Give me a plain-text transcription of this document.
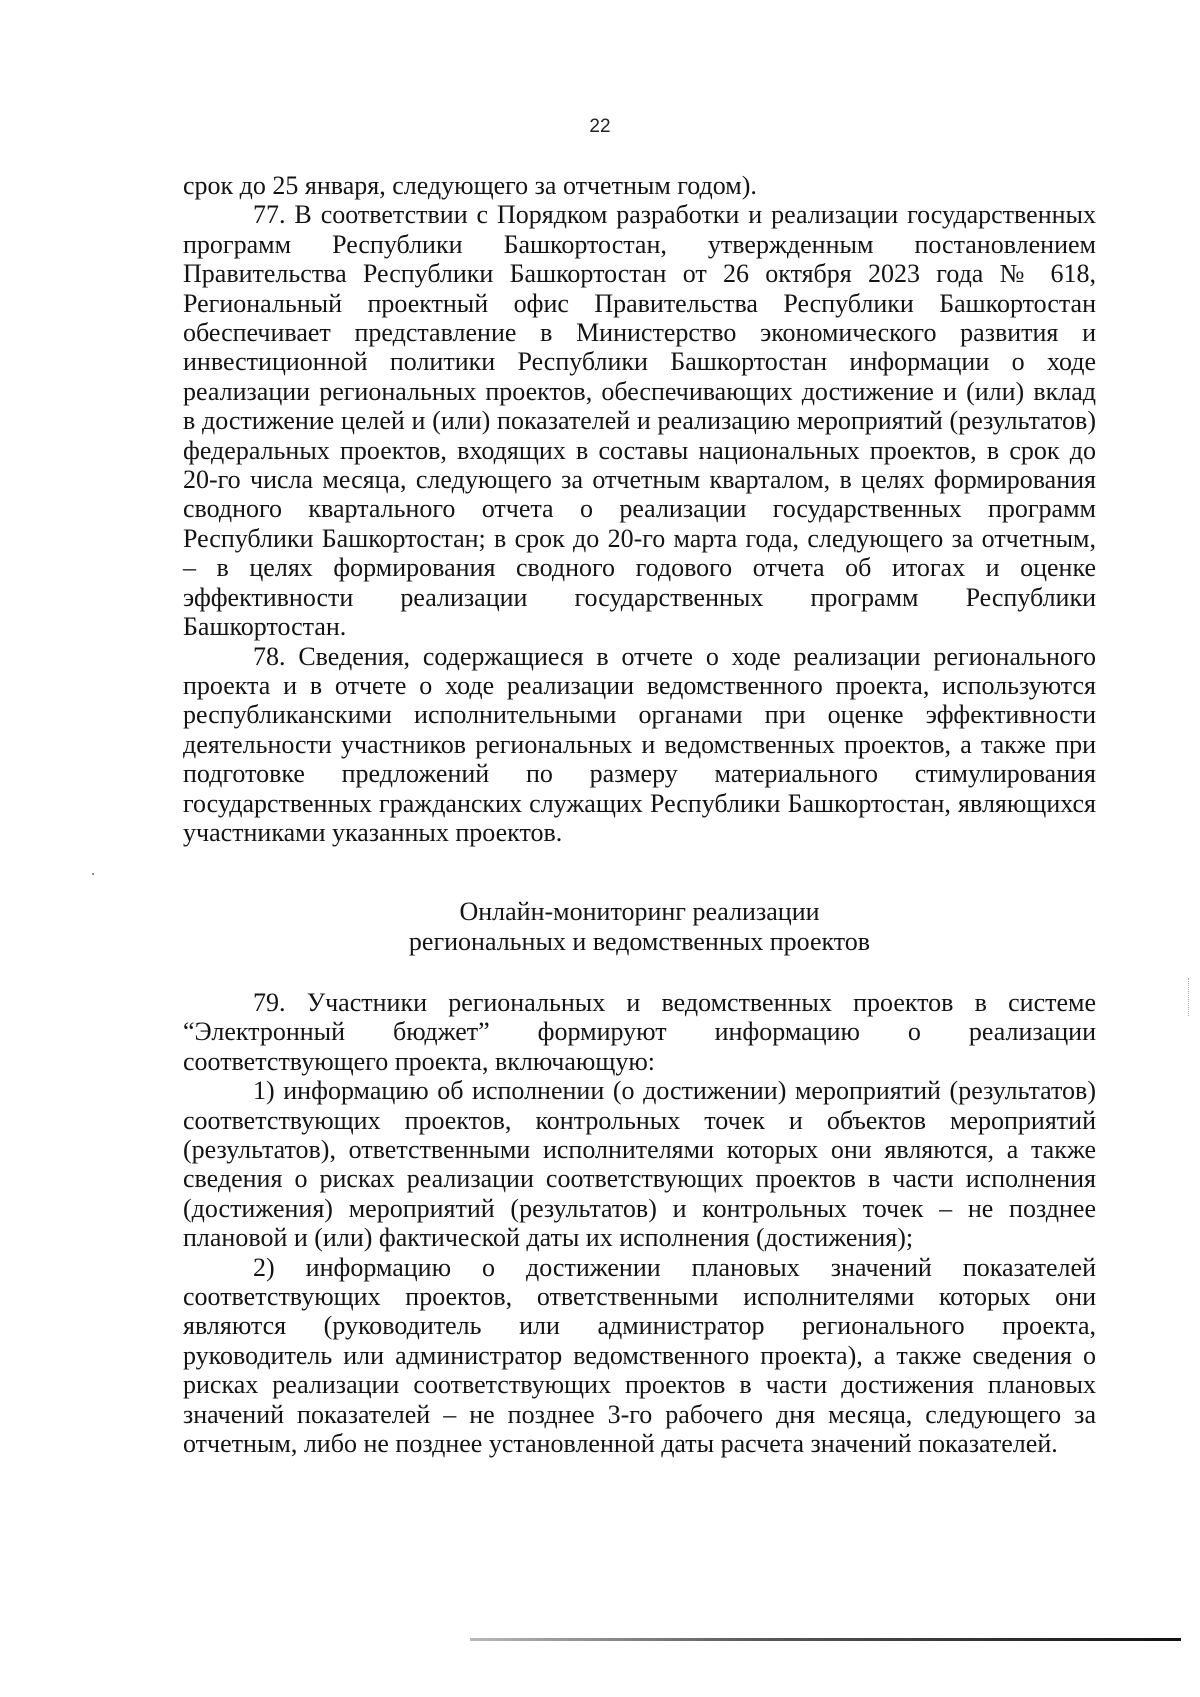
22

срок до 25 января, следующего за отчетным годом).

77. В соответствии с Порядком разработки и реализации государственных программ Республики Башкортостан, утвержденным постановлением Правительства Республики Башкортостан от 26 октября 2023 года № 618, Региональный проектный офис Правительства Республики Башкортостан обеспечивает представление в Министерство экономического развития и инвестиционной политики Республики Башкортостан информации о ходе реализации региональных проектов, обеспечивающих достижение и (или) вклад в достижение целей и (или) показателей и реализацию мероприятий (результатов) федеральных проектов, входящих в составы национальных проектов, в срок до 20-го числа месяца, следующего за отчетным кварталом, в целях формирования сводного квартального отчета о реализации государственных программ Республики Башкортостан; в срок до 20-го марта года, следующего за отчетным, – в целях формирования сводного годового отчета об итогах и оценке эффективности реализации государственных программ Республики Башкортостан.

78. Сведения, содержащиеся в отчете о ходе реализации регионального проекта и в отчете о ходе реализации ведомственного проекта, используются республиканскими исполнительными органами при оценке эффективности деятельности участников региональных и ведомственных проектов, а также при подготовке предложений по размеру материального стимулирования государственных гражданских служащих Республики Башкортостан, являющихся участниками указанных проектов.

Онлайн-мониторинг реализации
региональных и ведомственных проектов

79. Участники региональных и ведомственных проектов в системе “Электронный бюджет” формируют информацию о реализации соответствующего проекта, включающую:

1) информацию об исполнении (о достижении) мероприятий (результатов) соответствующих проектов, контрольных точек и объектов мероприятий (результатов), ответственными исполнителями которых они являются, а также сведения о рисках реализации соответствующих проектов в части исполнения (достижения) мероприятий (результатов) и контрольных точек – не позднее плановой и (или) фактической даты их исполнения (достижения);

2) информацию о достижении плановых значений показателей соответствующих проектов, ответственными исполнителями которых они являются (руководитель или администратор регионального проекта, руководитель или администратор ведомственного проекта), а также сведения о рисках реализации соответствующих проектов в части достижения плановых значений показателей – не позднее 3-го рабочего дня месяца, следующего за отчетным, либо не позднее установленной даты расчета значений показателей.
